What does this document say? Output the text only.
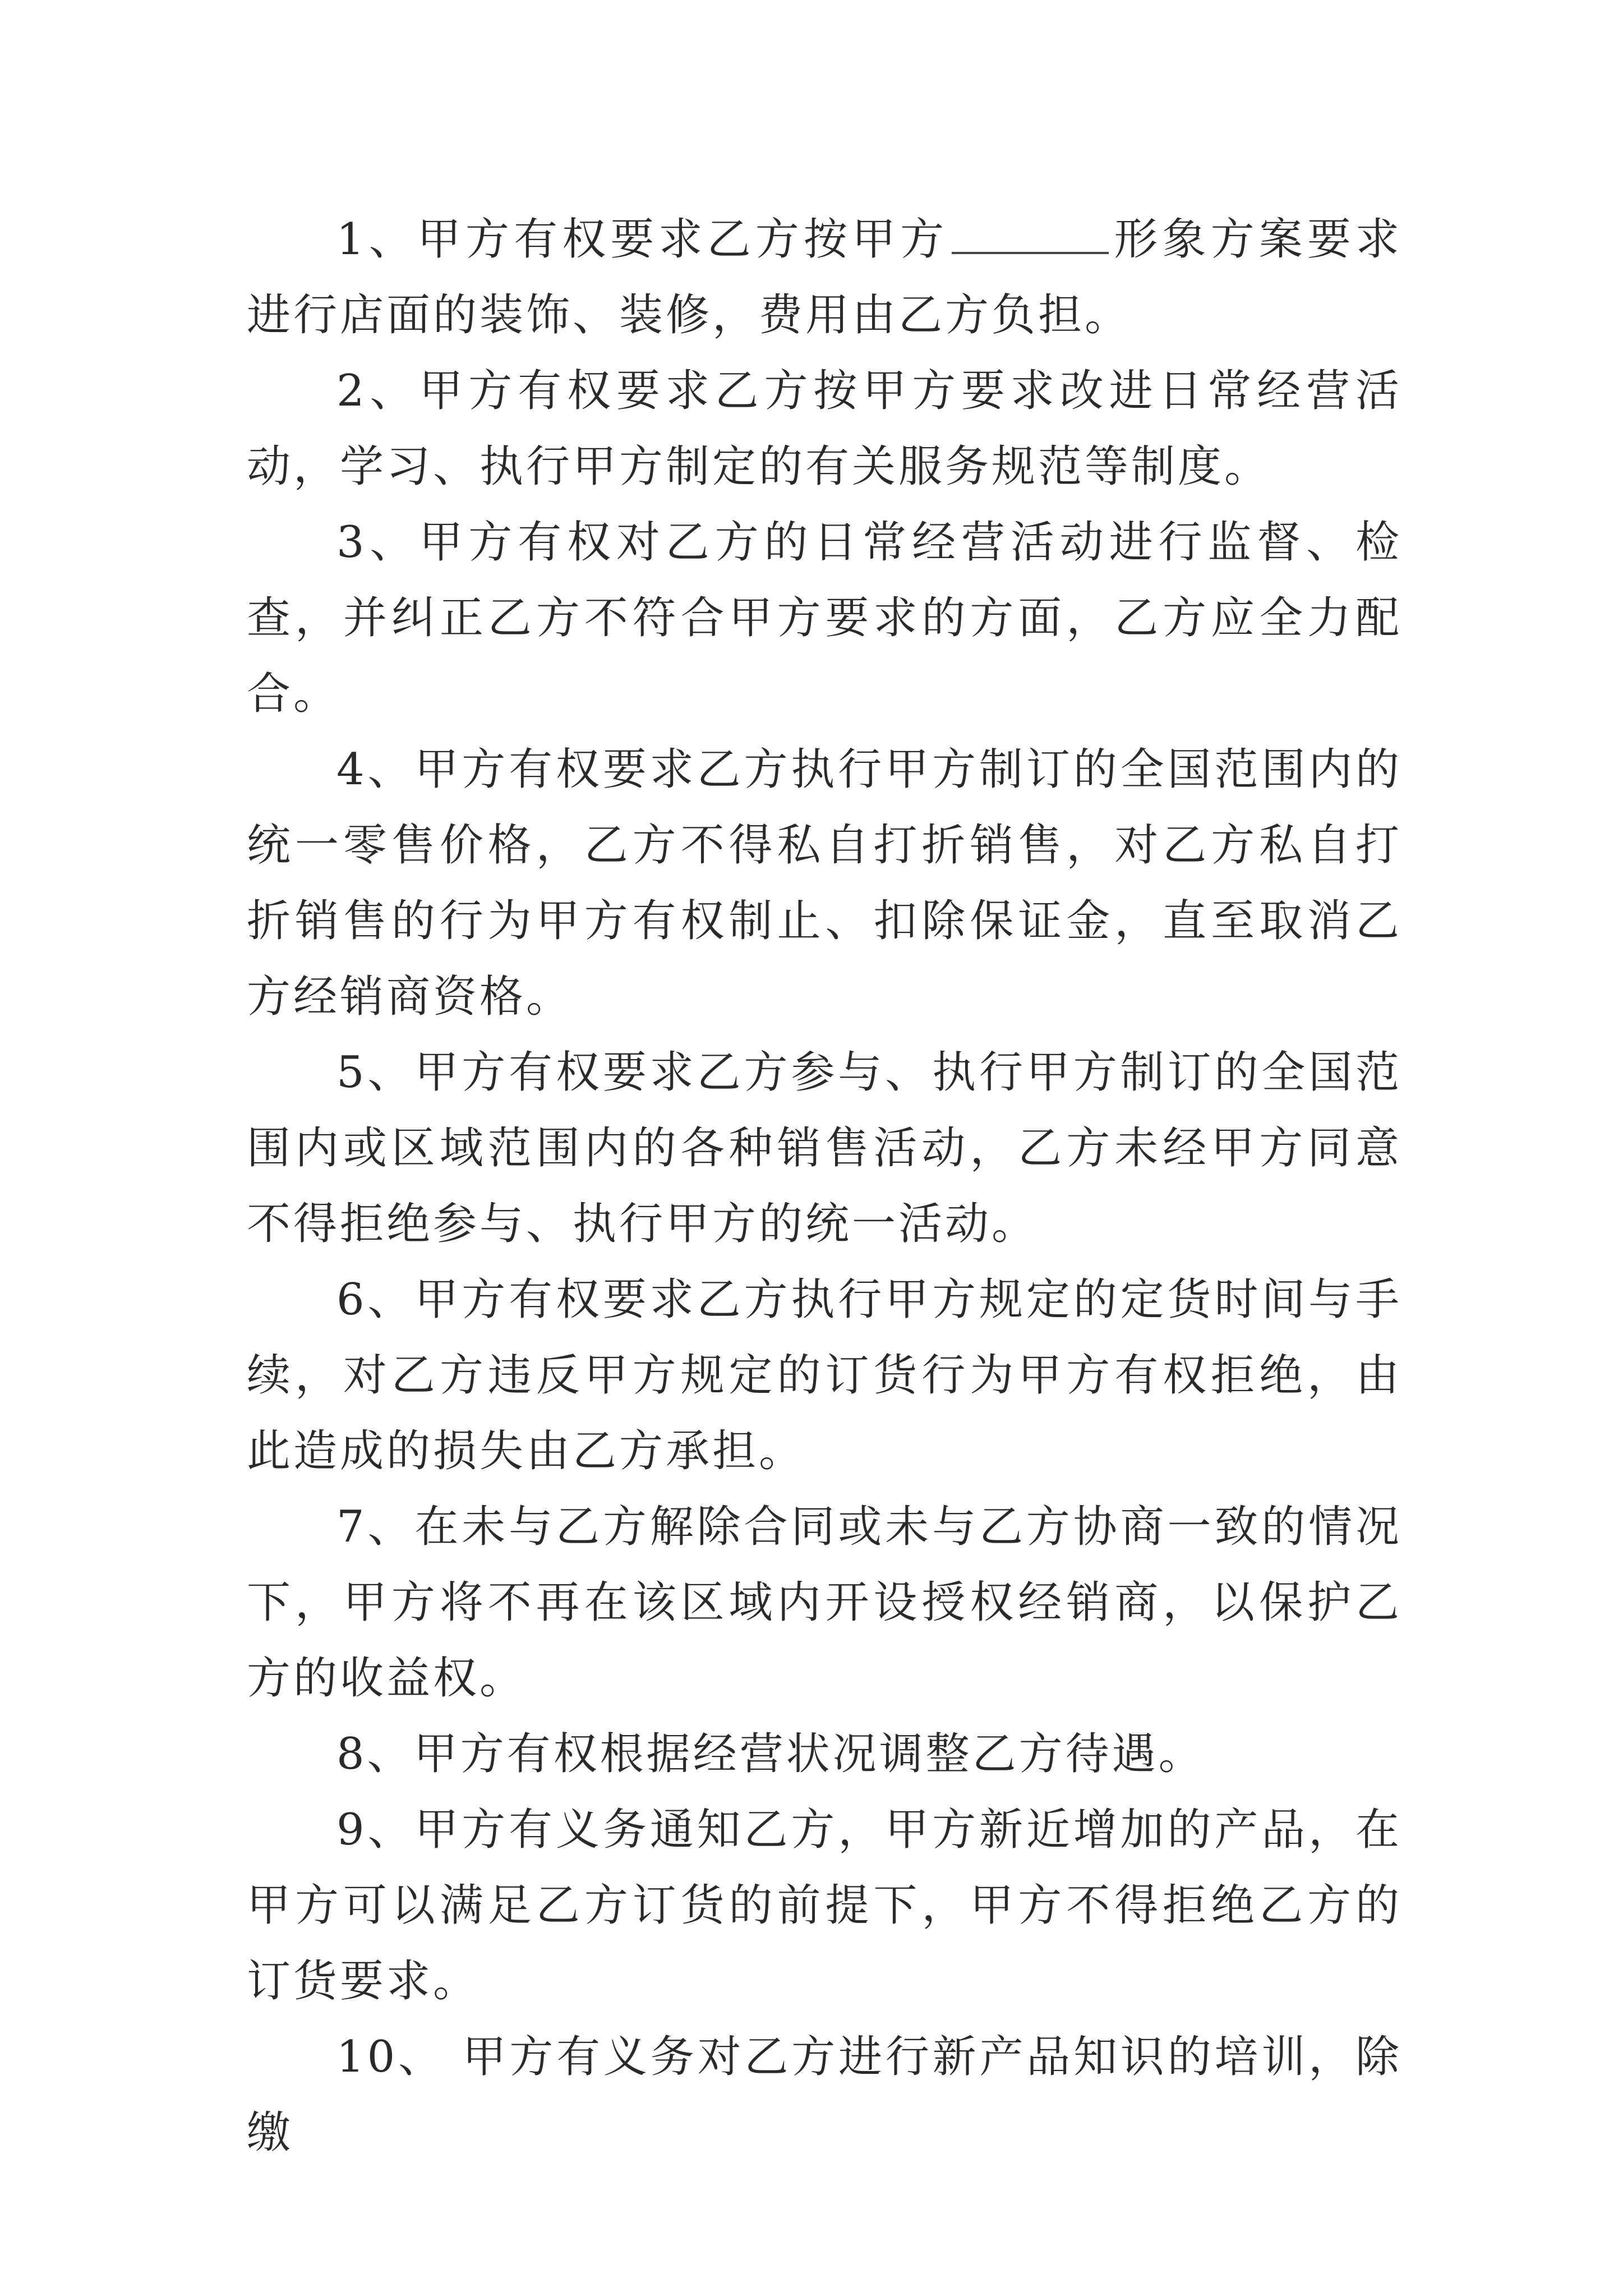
1、甲方有权要求乙方按甲方	形象方案要求进行店面的装饰、装修，费用由乙方负担。

2、甲方有权要求乙方按甲方要求改进日常经营活动，学习、执行甲方制定的有关服务规范等制度。

3、甲方有权对乙方的日常经营活动进行监督、检查，并纠正乙方不符合甲方要求的方面，乙方应全力配合。

4、甲方有权要求乙方执行甲方制订的全国范围内的统一零售价格，乙方不得私自打折销售，对乙方私自打折销售的行为甲方有权制止、扣除保证金，直至取消乙方经销商资格。

5、甲方有权要求乙方参与、执行甲方制订的全国范围内或区域范围内的各种销售活动，乙方未经甲方同意不得拒绝参与、执行甲方的统一活动。

6、甲方有权要求乙方执行甲方规定的定货时间与手续，对乙方违反甲方规定的订货行为甲方有权拒绝，由此造成的损失由乙方承担。

7、在未与乙方解除合同或未与乙方协商一致的情况下，甲方将不再在该区域内开设授权经销商，以保护乙方的收益权。

8、甲方有权根据经营状况调整乙方待遇。

9、甲方有义务通知乙方，甲方新近增加的产品，在甲方可以满足乙方订货的前提下，甲方不得拒绝乙方的订货要求。

10、 甲方有义务对乙方进行新产品知识的培训，除缴
